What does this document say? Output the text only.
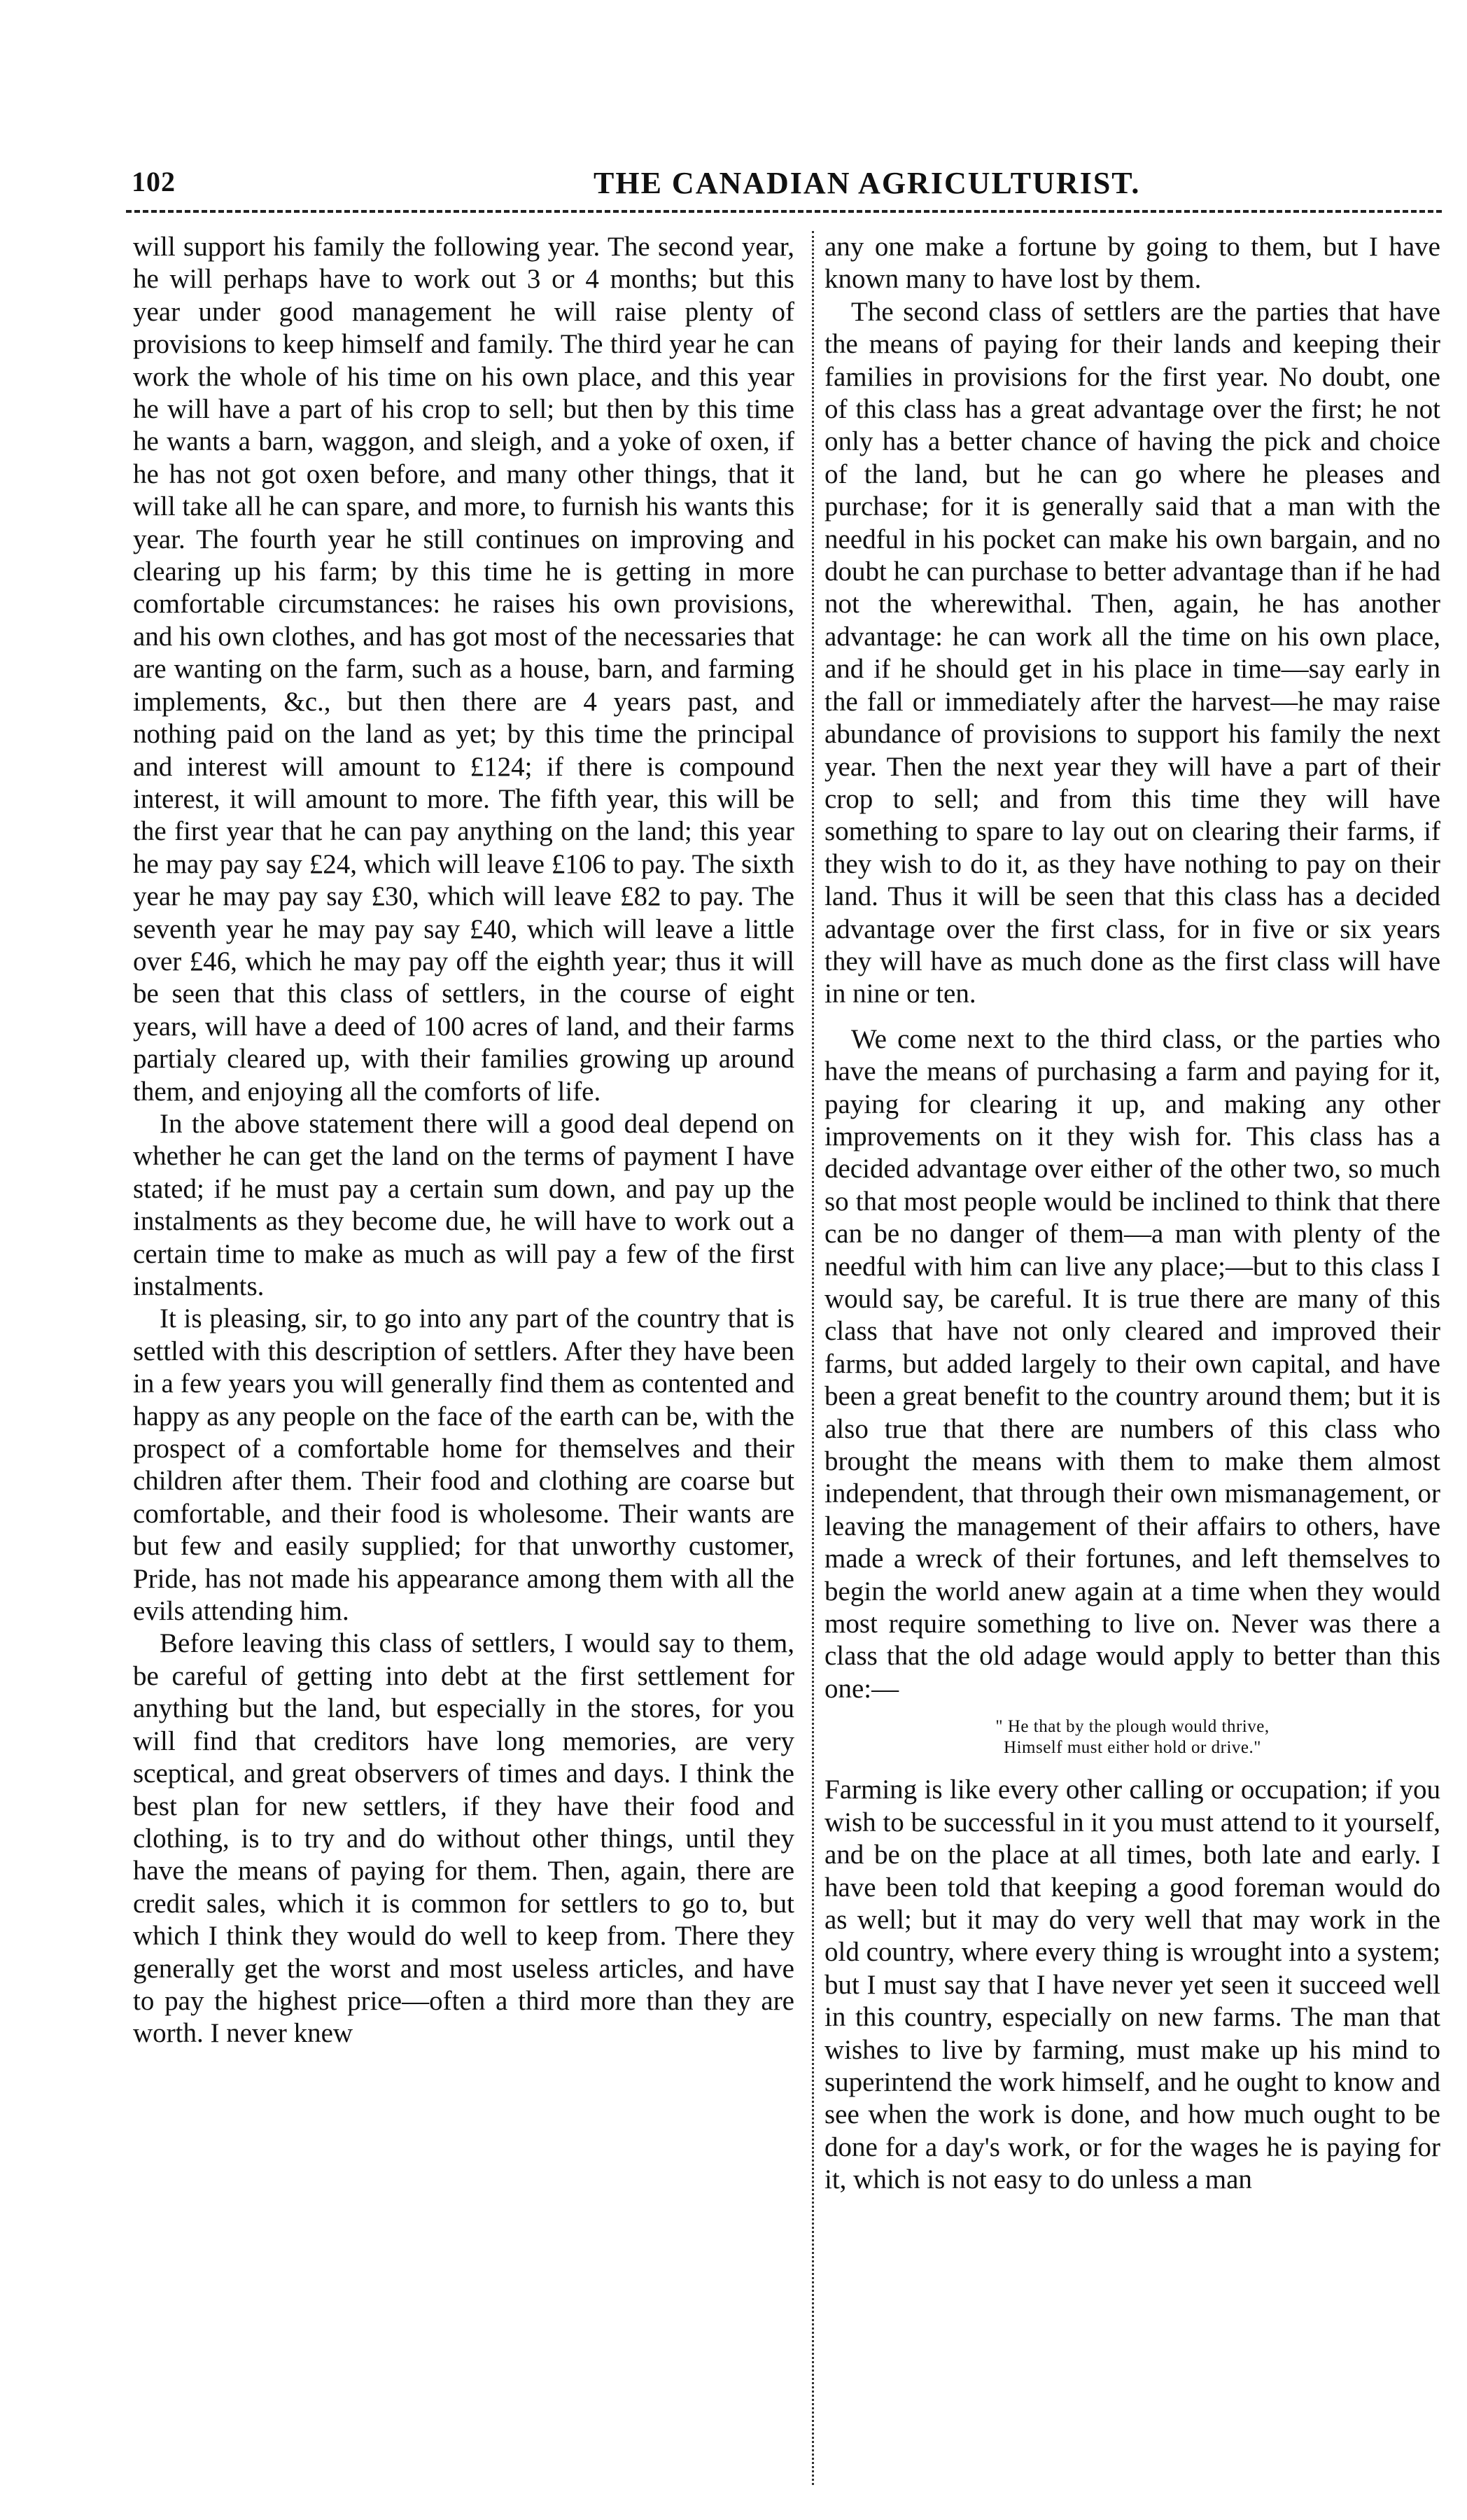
102	THE CANADIAN AGRICULTURIST.

will support his family the following year. The second year, he will perhaps have to work out 3 or 4 months; but this year under good management he will raise plenty of provisions to keep himself and family. The third year he can work the whole of his time on his own place, and this year he will have a part of his crop to sell; but then by this time he wants a barn, waggon, and sleigh, and a yoke of oxen, if he has not got oxen before, and many other things, that it will take all he can spare, and more, to furnish his wants this year. The fourth year he still continues on improving and clearing up his farm; by this time he is getting in more comfortable circumstances: he raises his own provisions, and his own clothes, and has got most of the necessaries that are wanting on the farm, such as a house, barn, and farming implements, &c., but then there are 4 years past, and nothing paid on the land as yet; by this time the principal and interest will amount to £124; if there is compound interest, it will amount to more. The fifth year, this will be the first year that he can pay anything on the land; this year he may pay say £24, which will leave £106 to pay. The sixth year he may pay say £30, which will leave £82 to pay. The seventh year he may pay say £40, which will leave a little over £46, which he may pay off the eighth year; thus it will be seen that this class of settlers, in the course of eight years, will have a deed of 100 acres of land, and their farms partialy cleared up, with their families growing up around them, and enjoying all the comforts of life.

In the above statement there will a good deal depend on whether he can get the land on the terms of payment I have stated; if he must pay a certain sum down, and pay up the instalments as they become due, he will have to work out a certain time to make as much as will pay a few of the first instalments.

It is pleasing, sir, to go into any part of the country that is settled with this description of settlers. After they have been in a few years you will generally find them as contented and happy as any people on the face of the earth can be, with the prospect of a comfortable home for themselves and their children after them. Their food and clothing are coarse but comfortable, and their food is wholesome. Their wants are but few and easily supplied; for that unworthy customer, Pride, has not made his appearance among them with all the evils attending him.

Before leaving this class of settlers, I would say to them, be careful of getting into debt at the first settlement for anything but the land, but especially in the stores, for you will find that creditors have long memories, are very sceptical, and great observers of times and days. I think the best plan for new settlers, if they have their food and clothing, is to try and do without other things, until they have the means of paying for them. Then, again, there are credit sales, which it is common for settlers to go to, but which I think they would do well to keep from. There they generally get the worst and most useless articles, and have to pay the highest price—often a third more than they are worth. I never knew

any one make a fortune by going to them, but I have known many to have lost by them.

The second class of settlers are the parties that have the means of paying for their lands and keeping their families in provisions for the first year. No doubt, one of this class has a great advantage over the first; he not only has a better chance of having the pick and choice of the land, but he can go where he pleases and purchase; for it is generally said that a man with the needful in his pocket can make his own bargain, and no doubt he can purchase to better advantage than if he had not the wherewithal. Then, again, he has another advantage: he can work all the time on his own place, and if he should get in his place in time—say early in the fall or immediately after the harvest—he may raise abundance of provisions to support his family the next year. Then the next year they will have a part of their crop to sell; and from this time they will have something to spare to lay out on clearing their farms, if they wish to do it, as they have nothing to pay on their land. Thus it will be seen that this class has a decided advantage over the first class, for in five or six years they will have as much done as the first class will have in nine or ten.

We come next to the third class, or the parties who have the means of purchasing a farm and paying for it, paying for clearing it up, and making any other improvements on it they wish for. This class has a decided advantage over either of the other two, so much so that most people would be inclined to think that there can be no danger of them—a man with plenty of the needful with him can live any place;—but to this class I would say, be careful. It is true there are many of this class that have not only cleared and improved their farms, but added largely to their own capital, and have been a great benefit to the country around them; but it is also true that there are numbers of this class who brought the means with them to make them almost independent, that through their own mismanagement, or leaving the management of their affairs to others, have made a wreck of their fortunes, and left themselves to begin the world anew again at a time when they would most require something to live on. Never was there a class that the old adage would apply to better than this one:—

" He that by the plough would thrive,
Himself must either hold or drive."

Farming is like every other calling or occupation; if you wish to be successful in it you must attend to it yourself, and be on the place at all times, both late and early. I have been told that keeping a good foreman would do as well; but it may do very well that may work in the old country, where every thing is wrought into a system; but I must say that I have never yet seen it succeed well in this country, especially on new farms. The man that wishes to live by farming, must make up his mind to superintend the work himself, and he ought to know and see when the work is done, and how much ought to be done for a day's work, or for the wages he is paying for it, which is not easy to do unless a man
